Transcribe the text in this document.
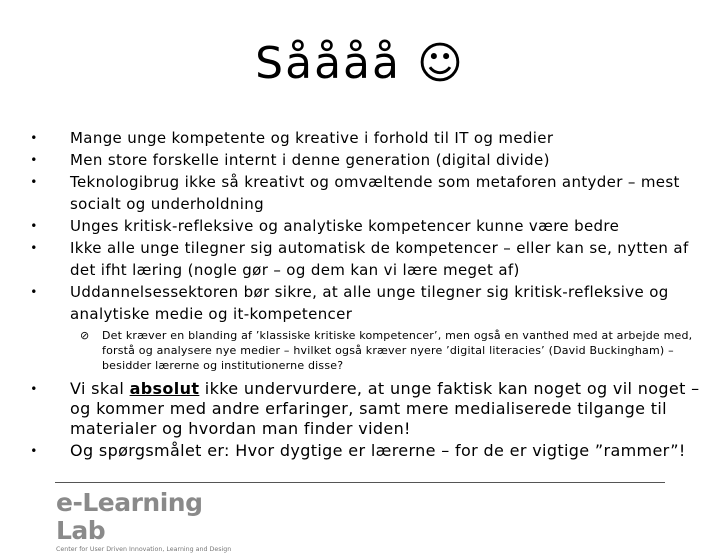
Såååå ☺
• Mange unge kompetente og kreative i forhold til IT og medier
• Men store forskelle internt i denne generation (digital divide)
• Teknologibrug ikke så kreativt og omvæltende som metaforen antyder – mest socialt og underholdning
• Unges kritisk-refleksive og analytiske kompetencer kunne være bedre
• Ikke alle unge tilegner sig automatisk de kompetencer – eller kan se, nytten af det ifht læring (nogle gør – og dem kan vi lære meget af)
• Uddannelsessektoren bør sikre, at alle unge tilegner sig kritisk-refleksive og analytiske medie og it-kompetencer
⊘ Det kræver en blanding af ’klassiske kritiske kompetencer’, men også en vanthed med at arbejde med, forstå og analysere nye medier – hvilket også kræver nyere ’digital literacies’ (David Buckingham) – besidder lærerne og institutionerne disse?
• Vi skal absolut ikke undervurdere, at unge faktisk kan noget og vil noget – og kommer med andre erfaringer, samt mere medialiserede tilgange til materialer og hvordan man finder viden!
• Og spørgsmålet er: Hvor dygtige er lærerne – for de er vigtige ”rammer”!
e-Learning Lab
Center for User Driven Innovation, Learning and Design
